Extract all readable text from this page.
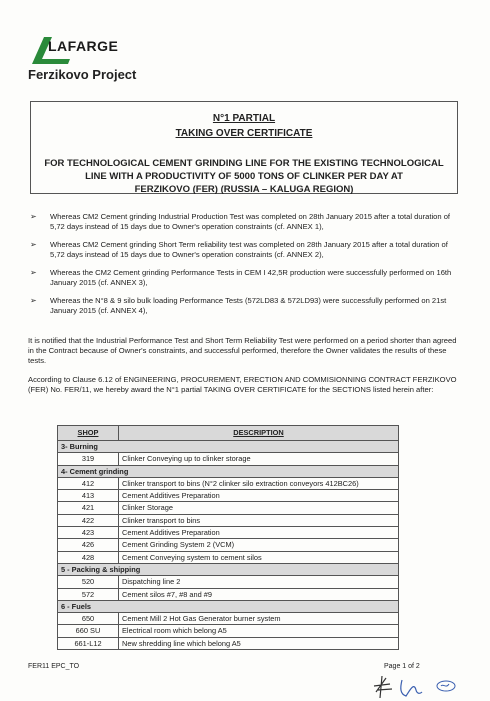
LAFARGE
Ferzikovo Project
N°1 PARTIAL
TAKING OVER CERTIFICATE
FOR TECHNOLOGICAL CEMENT GRINDING LINE FOR THE EXISTING TECHNOLOGICAL
LINE WITH A PRODUCTIVITY OF 5000 TONS OF CLINKER PER DAY AT
FERZIKOVO (FER) (RUSSIA – KALUGA REGION)
➢ Whereas CM2 Cement grinding Industrial Production Test was completed on 28th January 2015 after a total duration of 5,72 days instead of 15 days due to Owner's operation constraints (cf. ANNEX 1),
➢ Whereas CM2 Cement grinding Short Term reliability test was completed on 28th January 2015 after a total duration of 5,72 days instead of 15 days due to Owner's operation constraints (cf. ANNEX 2),
➢ Whereas the CM2 Cement grinding Performance Tests in CEM I 42,5R production were successfully performed on 16th January 2015 (cf. ANNEX 3),
➢ Whereas the N°8 & 9 silo bulk loading Performance Tests (572LD83 & 572LD93) were successfully performed on 21st January 2015 (cf. ANNEX 4),
It is notified that the Industrial Performance Test and Short Term Reliability Test were performed on a period shorter than agreed in the Contract because of Owner's constraints, and successful performed, therefore the Owner validates the results of these tests.
According to Clause 6.12 of ENGINEERING, PROCUREMENT, ERECTION AND COMMISIONNING CONTRACT FERZIKOVO (FER) No. FER/11, we hereby award the N°1 partial TAKING OVER CERTIFICATE for the SECTIONS listed herein after:
SHOP	DESCRIPTION
3- Burning	
319	Clinker Conveying up to clinker storage
4- Cement grinding	
412	Clinker transport to bins (N°2 clinker silo extraction conveyors 412BC26)
413	Cement Additives Preparation
421	Clinker Storage
422	Clinker transport to bins
423	Cement Additives Preparation
426	Cement Grinding System 2 (VCM)
428	Cement Conveying system to cement silos
5 - Packing & shipping	
520	Dispatching line 2
572	Cement silos #7, #8 and #9
6 - Fuels	
650	Cement Mill 2 Hot Gas Generator burner system
660 SU	Electrical room which belong A5
661-L12	New shredding line which belong A5
FER11 EPC_TO	Page 1 of 2
